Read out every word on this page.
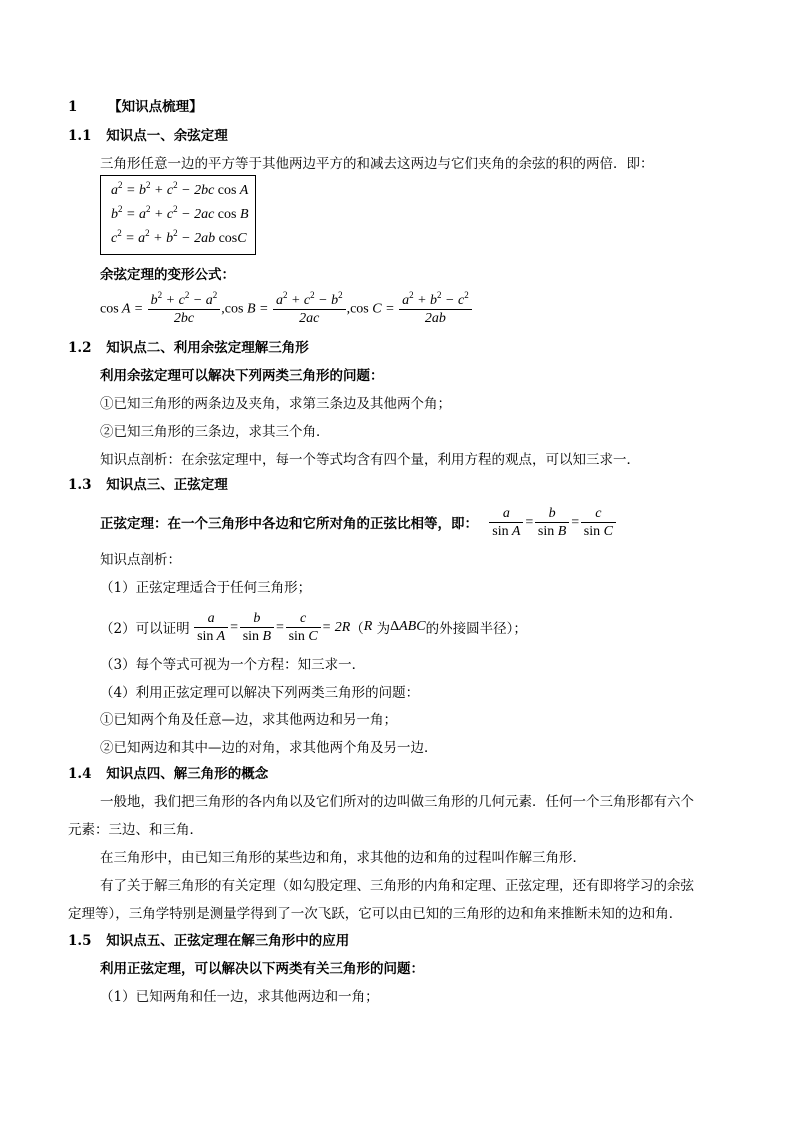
1 【知识点梳理】
1.1 知识点一、余弦定理
三角形任意一边的平方等于其他两边平方的和减去这两边与它们夹角的余弦的积的两倍．即：
$a^2 = b^2 + c^2 - 2bc$ cos A
$b^2 = a^2 + c^2 - 2ac$ cos B
$c^2 = a^2 + b^2 - 2ab$ cosC
余弦定理的变形公式：
$\cos A = \frac{b^2 + c^2 - a^2}{2bc} ,\cos$ $B = \frac{a^2 + c^2 - b^2}{2ac} ,\cos$ $C = \frac{a^2 + b^2 - c^2}{2ab}$
1.2 知识点二、利用余弦定理解三角形
利用余弦定理可以解决下列两类三角形的问题：
①已知三角形的两条边及夹角，求第三条边及其他两个角；
②已知三角形的三条边，求其三个角．
知识点剖析：在余弦定理中，每一个等式均含有四个量，利用方程的观点，可以知三求一．
1.3 知识点三、正弦定理
正弦定理：在一个三角形中各边和它所对角的正弦比相等，即： $\frac{a}{\text{sin A}} = \frac{b}{\text{sin B}} = \frac{c}{\text{sin C}}$
知识点剖析：
（1）正弦定理适合于任何三角形；
（2）可以证明 $\frac{a}{\text{sin A}} = \frac{b}{\text{sin B}} = \frac{c}{\text{sin C}} = 2R(R$ 为ΔABC的外接圆半径）；
（3）每个等式可视为一个方程：知三求一．
（4）利用正弦定理可以解决下列两类三角形的问题：
①已知两个角及任意—边，求其他两边和另一角；
②已知两边和其中—边的对角，求其他两个角及另一边．
1.4 知识点四、解三角形的概念
一般地，我们把三角形的各内角以及它们所对的边叫做三角形的几何元素．任何一个三角形都有六个
元素：三边、和三角．
在三角形中，由已知三角形的某些边和角，求其他的边和角的过程叫作解三角形．
有了关于解三角形的有关定理（如勾股定理、三角形的内角和定理、正弦定理，还有即将学习的余弦
定理等），三角学特别是测量学得到了一次飞跃，它可以由已知的三角形的边和角来推断未知的边和角．
1.5 知识点五、正弦定理在解三角形中的应用
利用正弦定理，可以解决以下两类有关三角形的问题：
（1）已知两角和任一边，求其他两边和一角；
